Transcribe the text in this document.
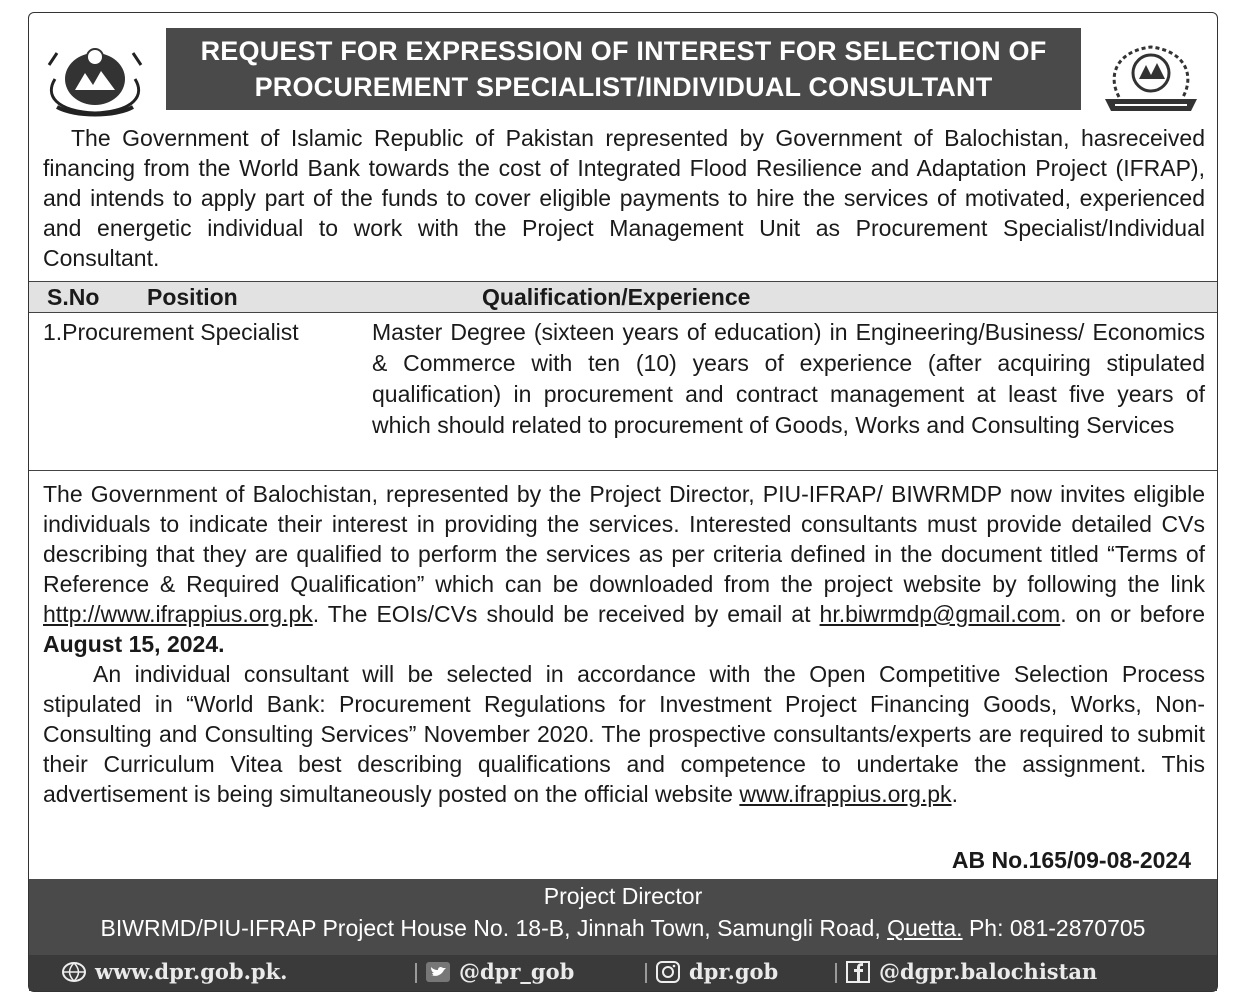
REQUEST FOR EXPRESSION OF INTEREST FOR SELECTION OF
PROCUREMENT SPECIALIST/INDIVIDUAL CONSULTANT
The Government of Islamic Republic of Pakistan represented by Government of Balochistan, hasreceived financing from the World Bank towards the cost of Integrated Flood Resilience and Adaptation Project (IFRAP), and intends to apply part of the funds to cover eligible payments to hire the services of motivated, experienced and energetic individual to work with the Project Management Unit as Procurement Specialist/Individual Consultant.
S.No Position	Qualification/Experience
1.Procurement Specialist	Master Degree (sixteen years of education) in Engineering/Business/ Economics & Commerce with ten (10) years of experience (after acquiring stipulated qualification) in procurement and contract management at least five years of which should related to procurement of Goods, Works and Consulting Services
The Government of Balochistan, represented by the Project Director, PIU-IFRAP/ BIWRMDP now invites eligible individuals to indicate their interest in providing the services. Interested consultants must provide detailed CVs describing that they are qualified to perform the services as per criteria defined in the document titled “Terms of Reference & Required Qualification” which can be downloaded from the project website by following the link http://www.ifrappius.org.pk. The EOIs/CVs should be received by email at hr.biwrmdp@gmail.com. on or before August 15, 2024.
An individual consultant will be selected in accordance with the Open Competitive Selection Process stipulated in “World Bank: Procurement Regulations for Investment Project Financing Goods, Works, Non-Consulting and Consulting Services” November 2020. The prospective consultants/experts are required to submit their Curriculum Vitea best describing qualifications and competence to undertake the assignment. This advertisement is being simultaneously posted on the official website www.ifrappius.org.pk.
AB No.165/09-08-2024
Project Director
BIWRMD/PIU-IFRAP Project House No. 18-B, Jinnah Town, Samungli Road, Quetta. Ph: 081-2870705
www.dpr.gob.pk.	@dpr_gob	dpr.gob	@dgpr.balochistan
